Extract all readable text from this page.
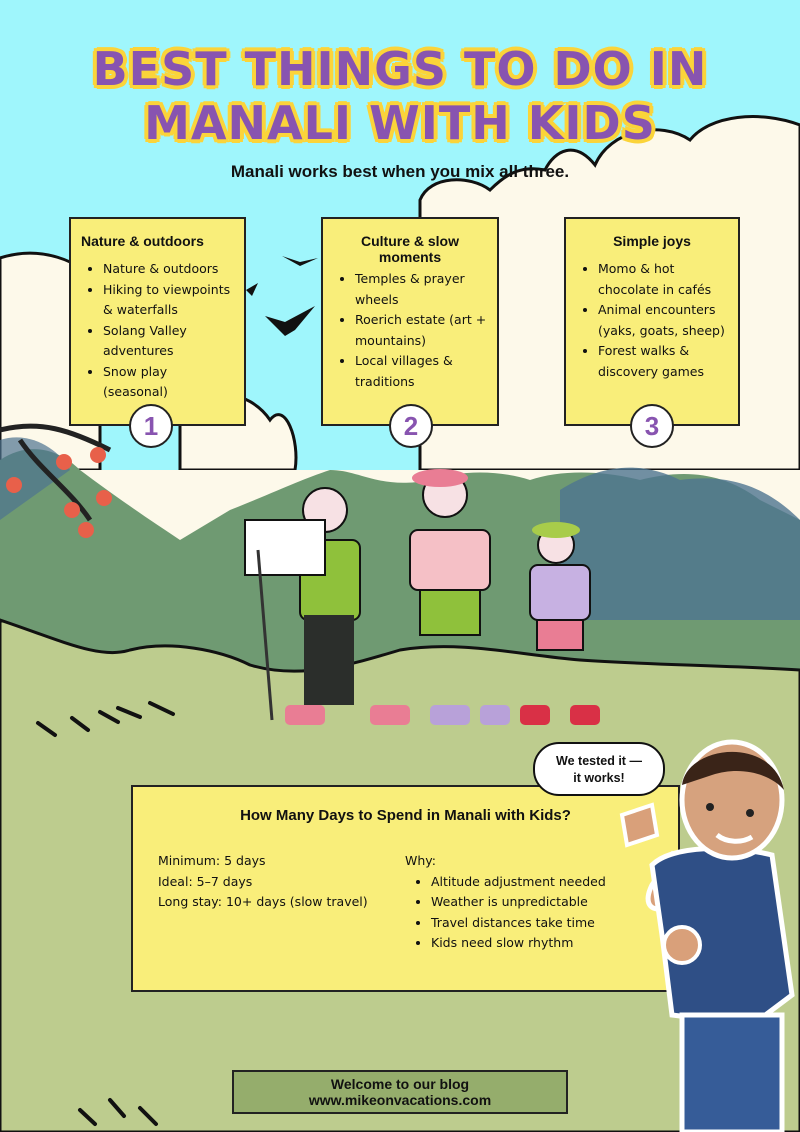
BEST THINGS TO DO IN
MANALI WITH KIDS
Manali works best when you mix all three.
Nature & outdoors
• Nature & outdoors
• Hiking to viewpoints & waterfalls
• Solang Valley adventures
• Snow play (seasonal)
1
Culture & slow moments
• Temples & prayer wheels
• Roerich estate (art + mountains)
• Local villages & traditions
2
Simple joys
• Momo & hot chocolate in cafés
• Animal encounters (yaks, goats, sheep)
• Forest walks & discovery games
3
How Many Days to Spend in Manali with Kids?
Minimum: 5 days
Ideal: 5–7 days
Long stay: 10+ days (slow travel)
Why:
• Altitude adjustment needed
• Weather is unpredictable
• Travel distances take time
• Kids need slow rhythm
We tested it —
it works!
Welcome to our blog
www.mikeonvacations.com
